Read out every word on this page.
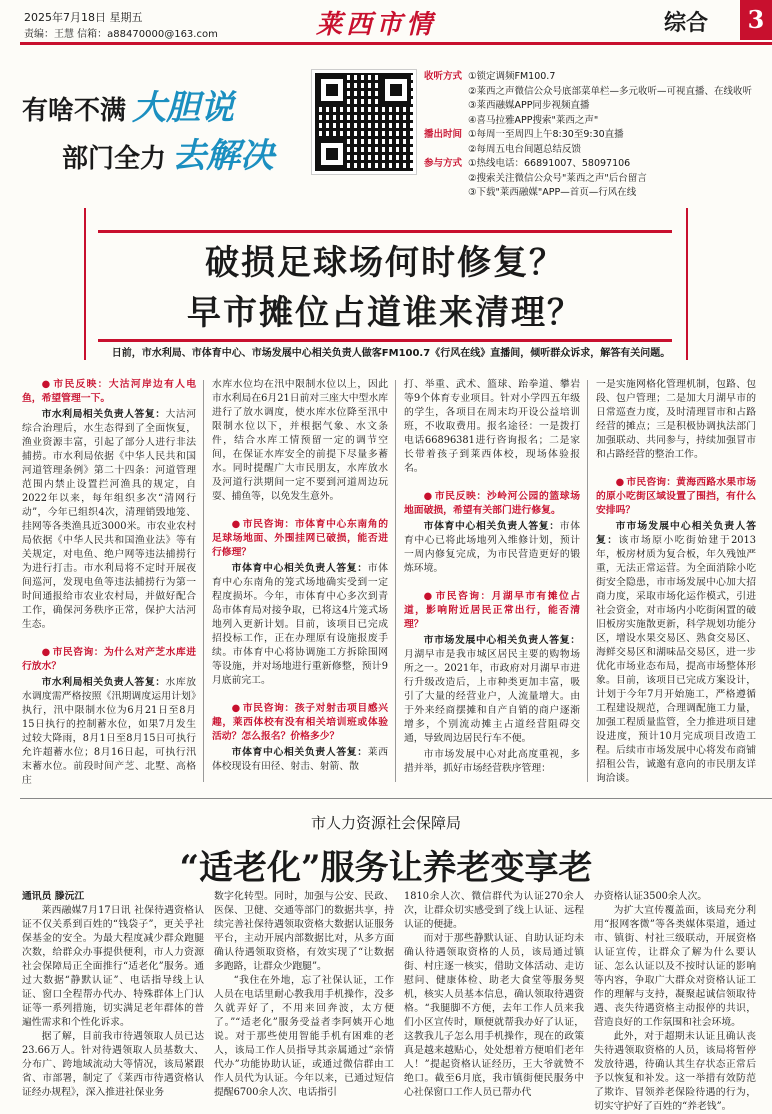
2025年7月18日 星期五
责编：王慧 信箱：a88470000@163.com	莱西市情	综合	3
有啥不满 大胆说
部门全力 去解决
收听方式 ①锁定调频FM100.7
②莱西之声微信公众号底部菜单栏—多元收听—可视直播、在线收听
③莱西融媒APP同步视频直播
④喜马拉雅APP搜索"莱西之声"
播出时间 ①每周一至周四上午8:30至9:30直播
②每周五电台间题总结反馈
参与方式 ①热线电话：66891007、58097106
②搜索关注微信公众号"莱西之声"后台留言
③下载"莱西融媒"APP—首页—行风在线
破损足球场何时修复？
早市摊位占道谁来清理？
日前，市水利局、市体育中心、市场发展中心相关负责人做客FM100.7《行风在线》直播间，倾听群众诉求，解答有关问题。

● 市民反映：大沽河岸边有人电鱼，希望管理一下。

市水利局相关负责人答复：大沽河综合治理后，水生态得到了全面恢复，渔业资源丰富，引起了部分人进行非法捕捞。市水利局依据《中华人民共和国河道管理条例》第二十四条：河道管理范围内禁止设置拦河渔具的规定，自2022年以来，每年组织多次“清网行动”，今年已组织4次，清理销毁地笼、挂网等各类渔具近3000米。市农业农村局依据《中华人民共和国渔业法》等有关规定，对电鱼、绝户网等违法捕捞行为进行打击。市水利局将不定时开展夜间巡河，发现电鱼等违法捕捞行为第一时间通报给市农业农村局，并做好配合工作，确保河务秩序正常，保护大沽河生态。

● 市民咨询：为什么对产芝水库进行放水？

市水利局相关负责人答复：水库放水调度需严格按照《汛期调度运用计划》执行，汛中限制水位为6月21日至8月15日执行的控制蓄水位，如果7月发生过较大降雨，8月1日至8月15日可执行允许超蓄水位；8月16日起，可执行汛末蓄水位。前段时间产芝、北墅、高格庄

水库水位均在汛中限制水位以上，因此市水利局在6月21日前对三座大中型水库进行了放水调度，使水库水位降至汛中限制水位以下，并根据气象、水文条件，结合水库工情预留一定的调节空间，在保证水库安全的前提下尽量多蓄水。同时提醒广大市民朋友，水库放水及河道行洪期间一定不要到河道周边玩耍、捕鱼等，以免发生意外。

● 市民咨询：市体育中心东南角的足球场地面、外围挂网已破损，能否进行修理？

市体育中心相关负责人答复：市体育中心东南角的笼式场地确实受到一定程度损坏。今年，市体育中心多次到青岛市体育局对接争取，已将这4片笼式场地列入更新计划。目前，该项目已完成招投标工作，正在办理原有设施报废手续。市体育中心将协调施工方拆除围网等设施，并对场地进行重新修整，预计9月底前完工。

● 市民咨询：孩子对射击项目感兴趣，莱西体校有没有相关培训班或体验活动？怎么报名？价格多少？

市体育中心相关负责人答复：莱西体校现设有田径、射击、射箭、散

打、举重、武术、篮球、跆拳道、攀岩等9个体育专业项目。针对小学四五年级的学生，各项目在周末均开设公益培训班，不收取费用。报名途径：一是拨打电话66896381进行咨询报名；二是家长带着孩子到莱西体校，现场体验报名。

● 市民反映：沙岭河公园的篮球场地面破损，希望有关部门进行修复。

市体育中心相关负责人答复：市体育中心已将此场地列入维修计划，预计一周内修复完成，为市民营造更好的锻炼环境。

● 市民咨询：月湖早市有摊位占道，影响附近居民正常出行，能否清理？

市市场发展中心相关负责人答复：月湖早市是我市城区居民主要的购物场所之一。2021年，市政府对月湖早市进行升级改造后，上市种类更加丰富，吸引了大量的经营业户，人流量增大。由于外来经商摆摊和自产自销的商户逐渐增多，个别流动摊主占道经营阻碍交通，导致周边居民行车不便。

市市场发展中心对此高度重视，多措并举，抓好市场经营秩序管理：

一是实施网格化管理机制，包路、包段、包户管理；二是加大月湖早市的日常巡查力度，及时清理冒市和占路经营的摊点；三是积极协调执法部门加强联动、共同参与，持续加强冒市和占路经营的整治工作。

● 市民咨询：黄海西路水果市场的原小吃街区域设置了围挡，有什么安排吗？

市市场发展中心相关负责人答复：该市场原小吃街始建于2013年，板房材质为复合板，年久残蚀严重，无法正常运营。为全面消除小吃街安全隐患，市市场发展中心加大招商力度，采取市场化运作模式，引进社会资金，对市场内小吃街闲置的破旧板房实施散更新，科学规划功能分区，增设水果交易区、熟食交易区、海鲜交易区和湖味品交易区，进一步优化市场业态布局，提高市场整体形象。目前，该项目已完成方案设计，计划于今年7月开始施工，严格遵循工程建设规范，合理调配施工力量，加强工程质量监管，全力推进项目建设进度，预计10月完成项目改造工程。后续市市场发展中心将发布商铺招租公告，诚邀有意向的市民朋友详询洽谈。

市人力资源社会保障局
“适老化”服务让养老变享老

通讯员 滕沅江

莱西融媒7月17日讯 社保待遇资格认证不仅关系到百姓的“钱袋子”，更关乎社保基金的安全。为最大程度减少群众跑腿次数，给群众办事提供便利，市人力资源社会保障局正全面推行“适老化”服务。通过大数据“静默认证”、电话指导线上认证、窗口全程帮办代办、特殊群体上门认证等一系列措施，切实满足老年群体的普遍性需求和个性化诉求。

据了解，目前我市待遇领取人员已达23.66万人。针对待遇领取人员基数大、分布广、跨地域流动大等情况，该局紧跟省、市部署，制定了《莱西市待遇资格认证经办规程》，深入推进社保业务

数字化转型。同时，加强与公安、民政、医保、卫健、交通等部门的数据共享，持续完善社保待遇领取资格大数据认证服务平台，主动开展内部数据比对，从多方面确认待遇领取资格，有效实现了“让数据多跑路，让群众少跑腿”。

“我住在外地，忘了社保认证，工作人员在电话里耐心教我用手机操作，没多久就弄好了，不用来回奔波，太方便了。”“适老化”服务受益者李阿姨开心地说。对于那些使用智能手机有困难的老人，该局工作人员指导其亲属通过“亲情代办”功能协助认证，或通过微信群由工作人员代为认证。今年以来，已通过短信提醒6700余人次、电话指引

1810余人次、微信群代为认证270余人次，让群众切实感受到了线上认证、远程认证的便捷。

而对于那些静默认证、自助认证均未确认待遇领取资格的人员，该局通过镇街、村庄逐一核实，借助文体活动、走访慰问、健康体检、助老大食堂等服务契机，核实人员基本信息，确认领取待遇资格。“我腿脚不方便，去年工作人员来我们小区宣传时，顺便就帮我办好了认证，这教我儿子怎么用手机操作，现在的政策真是越来越贴心，处处想着方便咱们老年人！”提起资格认证经历，王大爷就赞不绝口。截至6月底，我市镇街便民服务中心社保窗口工作人员已帮办代

办资格认证3500余人次。

为扩大宣传覆盖面，该局充分利用“报网客微”等各类媒体渠道，通过市、镇街、村社三级联动，开展资格认证宣传，让群众了解为什么要认证、怎么认证以及不按时认证的影响等内容，争取广大群众对资格认证工作的理解与支持，凝聚起诚信领取待遇、丧失待遇资格主动报停的共识，营造良好的工作氛围和社会环境。

此外，对于超期未认证且确认丧失待遇领取资格的人员，该局将暂停发放待遇，待确认其生存状态正常后予以恢复和补发。这一举措有效防范了欺诈、冒领养老保险待遇的行为，切实守护好了百姓的“养老钱”。
